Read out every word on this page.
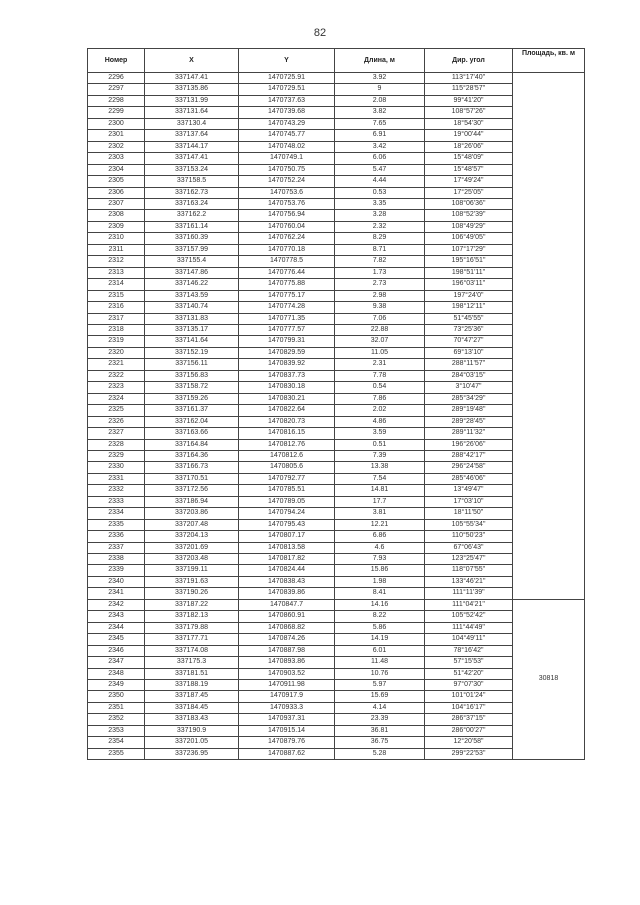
82
Номер	X	Y	Длина, м	Дир. угол	Площадь, кв. м
2296	337147.41	1470725.91	3.92	113°17'40"	
2297	337135.86	1470729.51	9	115°28'57"	
2298	337131.99	1470737.63	2.08	99°41'20"	
2299	337131.64	1470739.68	3.82	108°57'26"	
2300	337130.4	1470743.29	7.65	18°54'30"	
2301	337137.64	1470745.77	6.91	19°00'44"	
2302	337144.17	1470748.02	3.42	18°26'06"	
2303	337147.41	1470749.1	6.06	15°48'09"	
2304	337153.24	1470750.75	5.47	15°48'57"	
2305	337158.5	1470752.24	4.44	17°49'24"	
2306	337162.73	1470753.6	0.53	17°25'05"	
2307	337163.24	1470753.76	3.35	108°06'36"	
2308	337162.2	1470756.94	3.28	108°52'39"	
2309	337161.14	1470760.04	2.32	108°49'29"	
2310	337160.39	1470762.24	8.29	106°49'05"	
2311	337157.99	1470770.18	8.71	107°17'29"	
2312	337155.4	1470778.5	7.82	195°16'51"	
2313	337147.86	1470776.44	1.73	198°51'11"	
2314	337146.22	1470775.88	2.73	196°03'11"	
2315	337143.59	1470775.17	2.98	197°24'0"	
2316	337140.74	1470774.28	9.38	198°12'11"	
2317	337131.83	1470771.35	7.06	51°45'55"	
2318	337135.17	1470777.57	22.88	73°25'36"	
2319	337141.64	1470799.31	32.07	70°47'27"	
2320	337152.19	1470829.59	11.05	69°13'10"	
2321	337156.11	1470839.92	2.31	288°11'57"	
2322	337156.83	1470837.73	7.78	284°03'15"	
2323	337158.72	1470830.18	0.54	3°10'47"	
2324	337159.26	1470830.21	7.86	285°34'29"	
2325	337161.37	1470822.64	2.02	289°19'48"	
2326	337162.04	1470820.73	4.86	289°28'45"	
2327	337163.66	1470816.15	3.59	289°11'32"	
2328	337164.84	1470812.76	0.51	196°26'06"	
2329	337164.36	1470812.6	7.39	288°42'17"	
2330	337166.73	1470805.6	13.38	296°24'58"	
2331	337170.51	1470792.77	7.54	285°46'06"	
2332	337172.56	1470785.51	14.81	13°49'47"	
2333	337186.94	1470789.05	17.7	17°03'10"	
2334	337203.86	1470794.24	3.81	18°11'50"	
2335	337207.48	1470795.43	12.21	105°55'34"	
2336	337204.13	1470807.17	6.86	110°50'23"	
2337	337201.69	1470813.58	4.6	67°06'43"	
2338	337203.48	1470817.82	7.93	123°25'47"	
2339	337199.11	1470824.44	15.86	118°07'55"	
2340	337191.63	1470838.43	1.98	133°46'21"	
2341	337190.26	1470839.86	8.41	111°11'39"	
2342	337187.22	1470847.7	14.16	111°04'21"	30818
2343	337182.13	1470860.91	8.22	105°52'42"	
2344	337179.88	1470868.82	5.86	111°44'49"	
2345	337177.71	1470874.26	14.19	104°49'11"	
2346	337174.08	1470887.98	6.01	78°16'42"	
2347	337175.3	1470893.86	11.48	57°15'53"	
2348	337181.51	1470903.52	10.76	51°42'20"	
2349	337188.19	1470911.98	5.97	97°07'30"	
2350	337187.45	1470917.9	15.69	101°01'24"	
2351	337184.45	1470933.3	4.14	104°16'17"	
2352	337183.43	1470937.31	23.39	286°37'15"	
2353	337190.9	1470915.14	36.81	286°00'27"	
2354	337201.05	1470879.76	36.75	12°20'58"	
2355	337236.95	1470887.62	5.28	299°22'53"	
